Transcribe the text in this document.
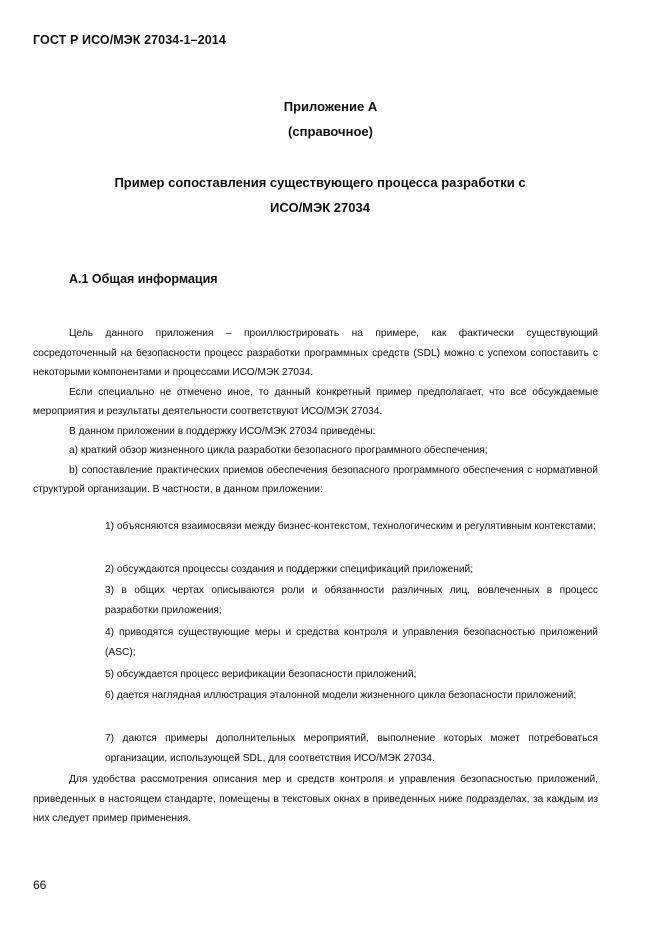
ГОСТ Р ИСО/МЭК 27034-1–2014
Приложение А
(справочное)
Пример сопоставления существующего процесса разработки с
ИСО/МЭК 27034
А.1 Общая информация

Цель данного приложения – проиллюстрировать на примере, как фактически существующий сосредоточенный на безопасности процесс разработки программных средств (SDL) можно с успехом сопоставить с некоторыми компонентами и процессами ИСО/МЭК 27034.

Если специально не отмечено иное, то данный конкретный пример предполагает, что все обсуждаемые мероприятия и результаты деятельности соответствуют ИСО/МЭК 27034.

В данном приложении в поддержку ИСО/МЭК 27034 приведены:

а) краткий обзор жизненного цикла разработки безопасного программного обеспечения;

b) сопоставление практических приемов обеспечения безопасного программного обеспечения с нормативной структурой организации. В частности, в данном приложении:

1) объясняются взаимосвязи между бизнес-контекстом, технологическим и регулятивным контекстами;
2) обсуждаются процессы создания и поддержки спецификаций приложений;
3) в общих чертах описываются роли и обязанности различных лиц, вовлеченных в процесс разработки приложения;
4) приводятся существующие меры и средства контроля и управления безопасностью приложений (ASC);
5) обсуждается процесс верификации безопасности приложений;
6) дается наглядная иллюстрация эталонной модели жизненного цикла безопасности приложений;
7) даются примеры дополнительных мероприятий, выполнение которых может потребоваться организации, использующей SDL, для соответствия ИСО/МЭК 27034.

Для удобства рассмотрения описания мер и средств контроля и управления безопасностью приложений, приведенных в настоящем стандарте, помещены в текстовых окнах в приведенных ниже подразделах, за каждым из них следует пример применения.

66
